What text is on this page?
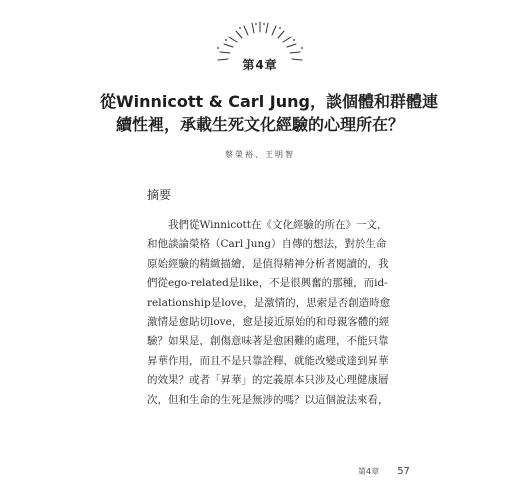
第4章
從Winnicott & Carl Jung，談個體和群體連
續性裡，承載生死文化經驗的心理所在？
蔡榮裕、王明智
摘要
我們從Winnicott在《文化經驗的所在》一文，
和他談論榮格（Carl Jung）自傳的想法，對於生命
原始經驗的精緻描繪，是值得精神分析者閱讀的，我
們從ego-related是like，不是很興奮的那種，而id-
relationship是love，是激情的，思索是否創造時愈
激情是愈貼切love，愈是接近原始的和母親客體的經
驗？如果是，創傷意味著是愈困難的處理，不能只靠
昇華作用，而且不是只靠詮釋，就能改變或達到昇華
的效果？或者「昇華」的定義原本只涉及心理健康層
次，但和生命的生死是無涉的嗎？以這個說法來看，
第4章 57
